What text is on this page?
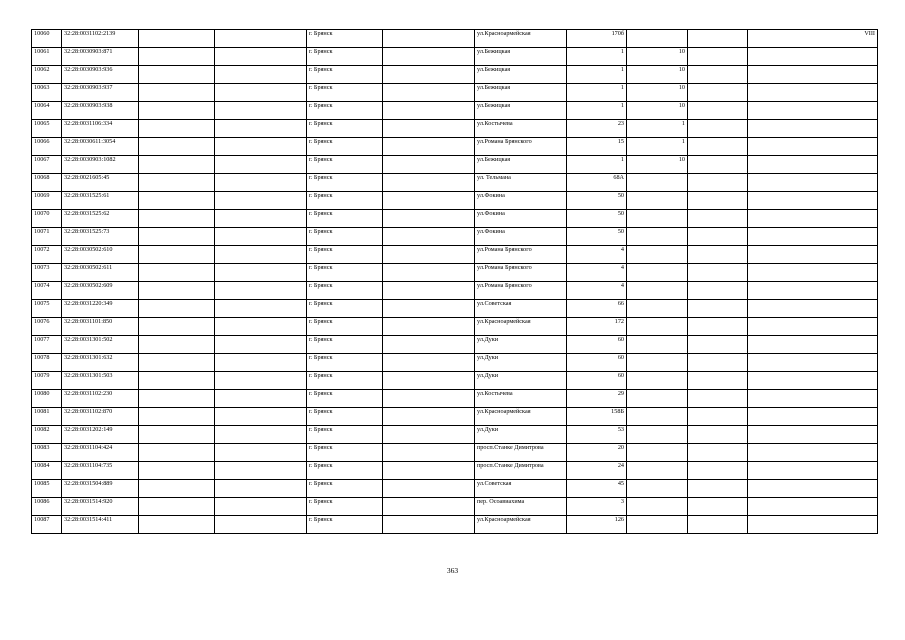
10060	32:28:0031102:2139			г. Брянск		ул.Красноармейская	170б			VIII
10061	32:28:0030903:871			г. Брянск		ул.Бежицкая	1	10		
10062	32:28:0030903:936			г. Брянск		ул.Бежицкая	1	10		
10063	32:28:0030903:937			г. Брянск		ул.Бежицкая	1	10		
10064	32:28:0030903:938			г. Брянск		ул.Бежицкая	1	10		
10065	32:28:0031106:334			г. Брянск		ул.Костычева	23	1		
10066	32:28:0030611:3054			г. Брянск		ул.Романа Брянского	15	1		
10067	32:28:0030903:1082			г. Брянск		ул.Бежицкая	1	10		
10068	32:28:0021605:45			г. Брянск		ул. Тельмана	68А			
10069	32:28:0031525:61			г. Брянск		ул.Фокина	50			
10070	32:28:0031525:62			г. Брянск		ул.Фокина	50			
10071	32:28:0031525:73			г. Брянск		ул.Фокина	50			
10072	32:28:0030502:610			г. Брянск		ул.Романа Брянского	4			
10073	32:28:0030502:611			г. Брянск		ул.Романа Брянского	4			
10074	32:28:0030502:609			г. Брянск		ул.Романа Брянского	4			
10075	32:28:0031220:349			г. Брянск		ул.Советская	66			
10076	32:28:0031101:850			г. Брянск		ул.Красноармейская	172			
10077	32:28:0031301:502			г. Брянск		ул.Дуки	60			
10078	32:28:0031301:632			г. Брянск		ул.Дуки	60			
10079	32:28:0031301:503			г. Брянск		ул.Дуки	60			
10080	32:28:0031102:230			г. Брянск		ул.Костычева	29			
10081	32:28:0031102:870			г. Брянск		ул.Красноармейская	158Б			
10082	32:28:0031202:149			г. Брянск		ул.Дуки	53			
10083	32:28:0031104:424			г. Брянск		просп.Станке Димитрова	20			
10084	32:28:0031104:735			г. Брянск		просп.Станке Димитрова	24			
10085	32:28:0031504:889			г. Брянск		ул.Советская	45			
10086	32:28:0031514:920			г. Брянск		пер. Осоавиахима	3			
10087	32:28:0031514:411			г. Брянск		ул.Красноармейская	126			
363
